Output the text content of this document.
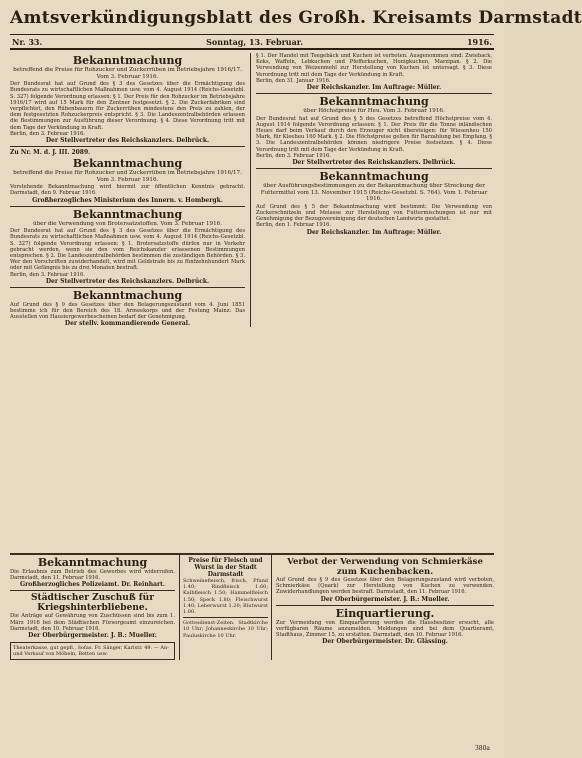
Amtsverkündigungsblatt des Großh. Kreisamts Darmstadt
Nr. 33.	Sonntag, 13. Februar.	1916.
Bekanntmachung
betreffend die Preise für Rohzucker und Zuckerrüben im Betriebsjahre 1916/17. Vom 3. Februar 1916.

Der Bundesrat hat auf Grund des § 3 des Gesetzes über die Ermächtigung des Bundesrats zu wirtschaftlichen Maßnahmen usw. vom 4. August 1914 (Reichs-Gesetzbl. S. 327) folgende Verordnung erlassen: § 1. Der Preis für den Rohzucker im Betriebsjahre 1916/17 wird auf 15 Mark für den Zentner festgesetzt. § 2. Die Zuckerfabriken sind verpflichtet, den Rübenbauern für Zuckerrüben mindestens den Preis zu zahlen, der dem festgesetzten Rohzuckerpreis entspricht. § 3. Die Landeszentralbehörden erlassen die Bestimmungen zur Ausführung dieser Verordnung. § 4. Diese Verordnung tritt mit dem Tage der Verkündung in Kraft.

Berlin, den 3. Februar 1916.

Der Stellvertreter des Reichskanzlers. Delbrück.
Zu Nr. M. d. J. III. 2089.
Bekanntmachung
betreffend die Preise für Rohzucker und Zuckerrüben im Betriebsjahre 1916/17. Vom 3. Februar 1916.

Vorstehende Bekanntmachung wird hiermit zur öffentlichen Kenntnis gebracht. Darmstadt, den 9. Februar 1916.

Großherzogliches Ministerium des Innern. v. Hombergk.
Bekanntmachung
über die Verwendung von Brotersatzstoffen. Vom 3. Februar 1916.

Der Bundesrat hat auf Grund des § 3 des Gesetzes über die Ermächtigung des Bundesrats zu wirtschaftlichen Maßnahmen usw. vom 4. August 1914 (Reichs-Gesetzbl. S. 327) folgende Verordnung erlassen: § 1. Brotersatzstoffe dürfen nur in Verkehr gebracht werden, wenn sie den vom Reichskanzler erlassenen Bestimmungen entsprechen. § 2. Die Landeszentralbehörden bestimmen die zuständigen Behörden. § 3. Wer den Vorschriften zuwiderhandelt, wird mit Geldstrafe bis zu fünfzehnhundert Mark oder mit Gefängnis bis zu drei Monaten bestraft.

Berlin, den 3. Februar 1916.

Der Stellvertreter des Reichskanzlers. Delbrück.
Bekanntmachung

Auf Grund des § 9 des Gesetzes über den Belagerungszustand vom 4. Juni 1851 bestimme ich für den Bereich des 18. Armeekorps und der Festung Mainz: Das Ausstellen von Hausiergewerbescheinen bedarf der Genehmigung.

Der stellv. kommandierende General.

§ 1. Der Handel mit Teegebäck und Kuchen ist verboten. Ausgenommen sind: Zwieback, Keks, Waffeln, Lebkuchen und Pfefferkuchen, Honigkuchen, Marzipan. § 2. Die Verwendung von Weizenmehl zur Herstellung von Kuchen ist untersagt. § 3. Diese Verordnung tritt mit dem Tage der Verkündung in Kraft.

Berlin, den 31. Januar 1916.

Der Reichskanzler. Im Auftrage: Müller.
Bekanntmachung
über Höchstpreise für Heu. Vom 3. Februar 1916.

Der Bundesrat hat auf Grund des § 5 des Gesetzes betreffend Höchstpreise vom 4. August 1914 folgende Verordnung erlassen: § 1. Der Preis für die Tonne inländischen Heues darf beim Verkauf durch den Erzeuger nicht übersteigen: für Wiesenheu 150 Mark, für Kleeheu 160 Mark. § 2. Die Höchstpreise gelten für Barzahlung bei Empfang. § 3. Die Landeszentralbehörden können niedrigere Preise festsetzen. § 4. Diese Verordnung tritt mit dem Tage der Verkündung in Kraft.

Berlin, den 3. Februar 1916.

Der Stellvertreter des Reichskanzlers. Delbrück.
Bekanntmachung
über Ausführungsbestimmungen zu der Bekanntmachung über Streckung der Futtermittel vom 13. November 1915 (Reichs-Gesetzbl. S. 764). Vom 1. Februar 1916.

Auf Grund des § 5 der Bekanntmachung wird bestimmt: Die Verwendung von Zuckerschnitzeln und Melasse zur Herstellung von Futtermischungen ist nur mit Genehmigung der Bezugsvereinigung der deutschen Landwirte gestattet.

Berlin, den 1. Februar 1916.

Der Reichskanzler. Im Auftrage: Müller.
Bekanntmachung

Die Erlaubnis zum Betrieb des Gewerbes wird widerrufen. Darmstadt, den 11. Februar 1916.

Großherzogliches Polizeiamt. Dr. Reinhart.
Städtischer Zuschuß für Kriegshinterbliebene.

Die Anträge auf Gewährung von Zuschüssen sind bis zum 1. März 1916 bei dem Städtischen Fürsorgeamt einzureichen. Darmstadt, den 10. Februar 1916.

Der Oberbürgermeister. J. B.: Mueller.
Theaterkasse, gut gepfl., Sofas. Fr. Sänger, Karlstr. 49. — An- und Verkauf von Möbeln, Betten usw.
Preise für Fleisch und Wurst in der Stadt Darmstadt

Schweinefleisch, frisch, Pfund 1.40; Rindfleisch 1.60; Kalbfleisch 1.50; Hammelfleisch 1.50; Speck 1.80; Fleischwurst 1.40; Leberwurst 1.20; Blutwurst 1.00.

Gottesdienst-Zeiten. Stadtkirche 10 Uhr; Johanneskirche 10 Uhr; Pauluskirche 10 Uhr.

Verbot der Verwendung von Schmierkäse zum Kuchenbacken.

Auf Grund des § 9 des Gesetzes über den Belagerungszustand wird verboten, Schmierkäse (Quark) zur Herstellung von Kuchen zu verwenden. Zuwiderhandlungen werden bestraft. Darmstadt, den 11. Februar 1916.

Der Oberbürgermeister. J. B.: Mueller.
Einquartierung.

Zur Vermeidung von Einquartierung werden die Hausbesitzer ersucht, alle verfügbaren Räume anzumelden. Meldungen sind bei dem Quartieramt, Stadthaus, Zimmer 15, zu erstatten. Darmstadt, den 10. Februar 1916.

Der Oberbürgermeister. Dr. Glässing.
380a
